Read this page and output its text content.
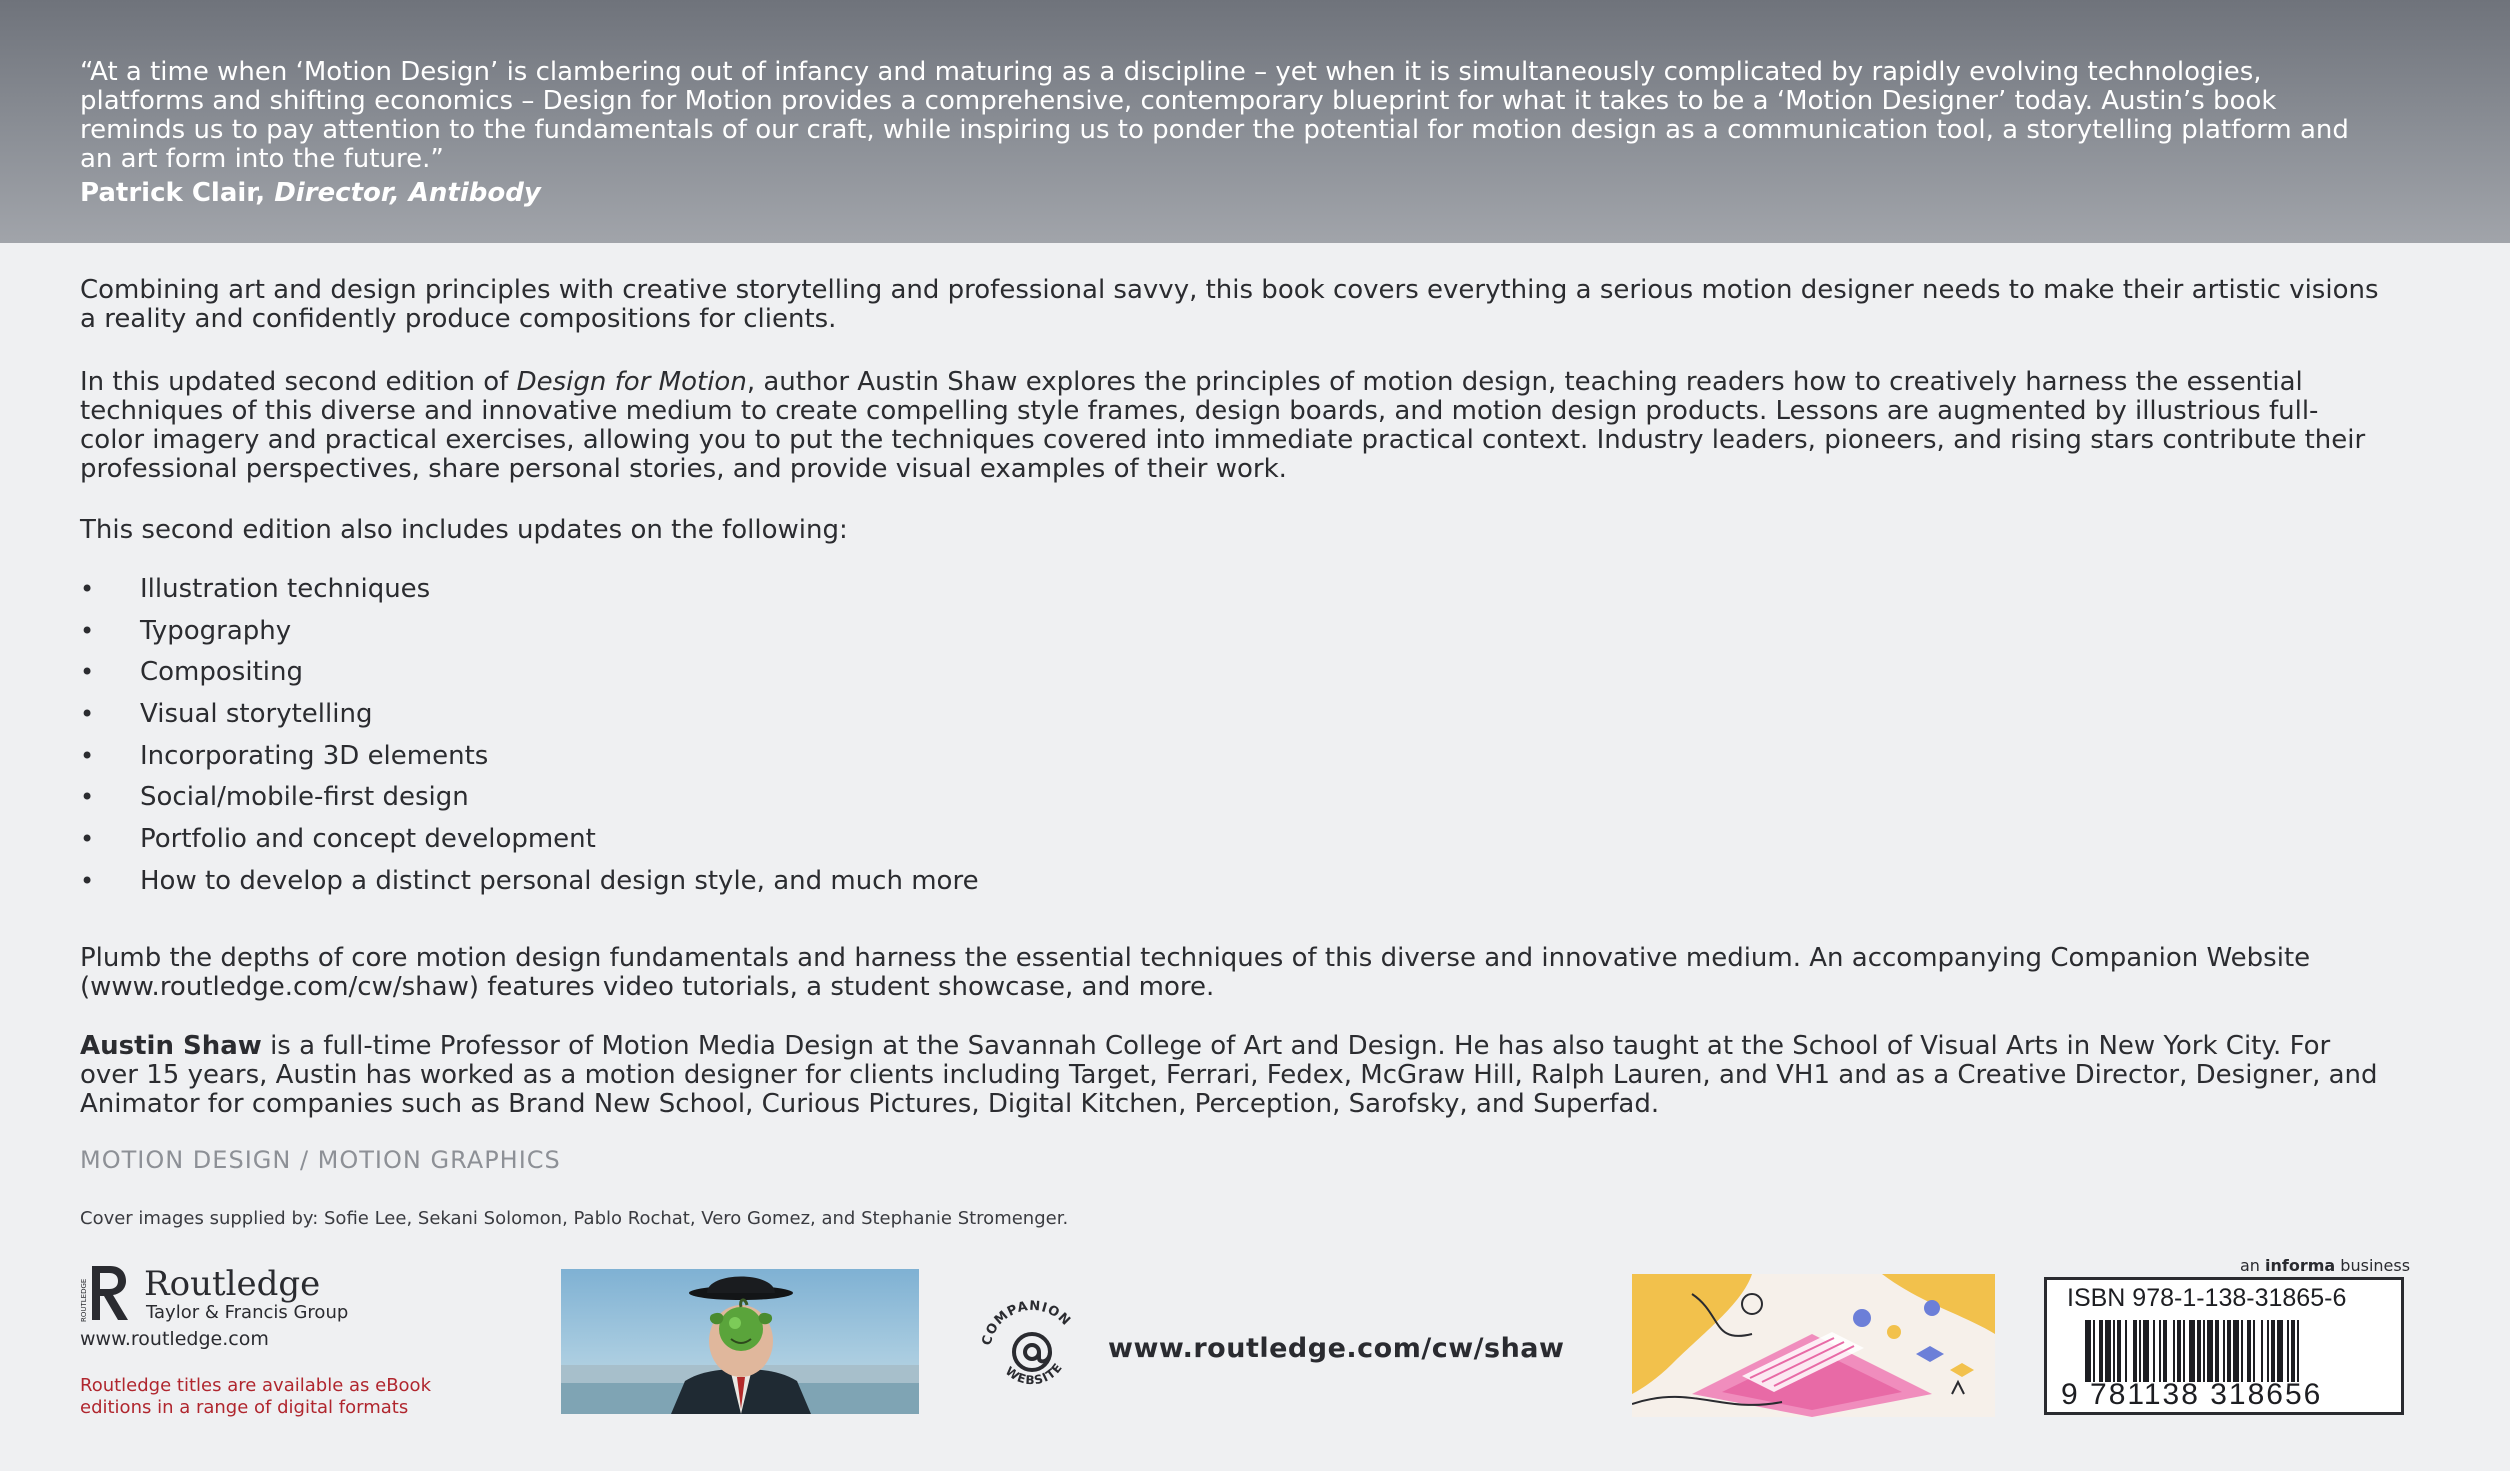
“At a time when ‘Motion Design’ is clambering out of infancy and maturing as a discipline – yet when it is simultaneously complicated by rapidly evolving technologies, platforms and shifting economics – Design for Motion provides a comprehensive, contemporary blueprint for what it takes to be a ‘Motion Designer’ today. Austin’s book reminds us to pay attention to the fundamentals of our craft, while inspiring us to ponder the potential for motion design as a communication tool, a storytelling platform and an art form into the future.”

Patrick Clair, Director, Antibody

Combining art and design principles with creative storytelling and professional savvy, this book covers everything a serious motion designer needs to make their artistic visions a reality and confidently produce compositions for clients.

In this updated second edition of Design for Motion, author Austin Shaw explores the principles of motion design, teaching readers how to creatively harness the essential techniques of this diverse and innovative medium to create compelling style frames, design boards, and motion design products. Lessons are augmented by illustrious full-color imagery and practical exercises, allowing you to put the techniques covered into immediate practical context. Industry leaders, pioneers, and rising stars contribute their professional perspectives, share personal stories, and provide visual examples of their work.

This second edition also includes updates on the following:

• Illustration techniques
• Typography
• Compositing
• Visual storytelling
• Incorporating 3D elements
• Social/mobile-first design
• Portfolio and concept development
• How to develop a distinct personal design style, and much more

Plumb the depths of core motion design fundamentals and harness the essential techniques of this diverse and innovative medium. An accompanying Companion Website (www.routledge.com/cw/shaw) features video tutorials, a student showcase, and more.

Austin Shaw is a full-time Professor of Motion Media Design at the Savannah College of Art and Design. He has also taught at the School of Visual Arts in New York City. For over 15 years, Austin has worked as a motion designer for clients including Target, Ferrari, Fedex, McGraw Hill, Ralph Lauren, and VH1 and as a Creative Director, Designer, and Animator for companies such as Brand New School, Curious Pictures, Digital Kitchen, Perception, Sarofsky, and Superfad.

MOTION DESIGN / MOTION GRAPHICS

Cover images supplied by: Sofie Lee, Sekani Solomon, Pablo Rochat, Vero Gomez, and Stephanie Stromenger.

ROUTLEDGE Routledge
Taylor & Francis Group

www.routledge.com

Routledge titles are available as eBook editions in a range of digital formats

COMPANION
WEBSITE

www.routledge.com/cw/shaw

an informa business

ISBN 978-1-138-31865-6

9 781138 318656
